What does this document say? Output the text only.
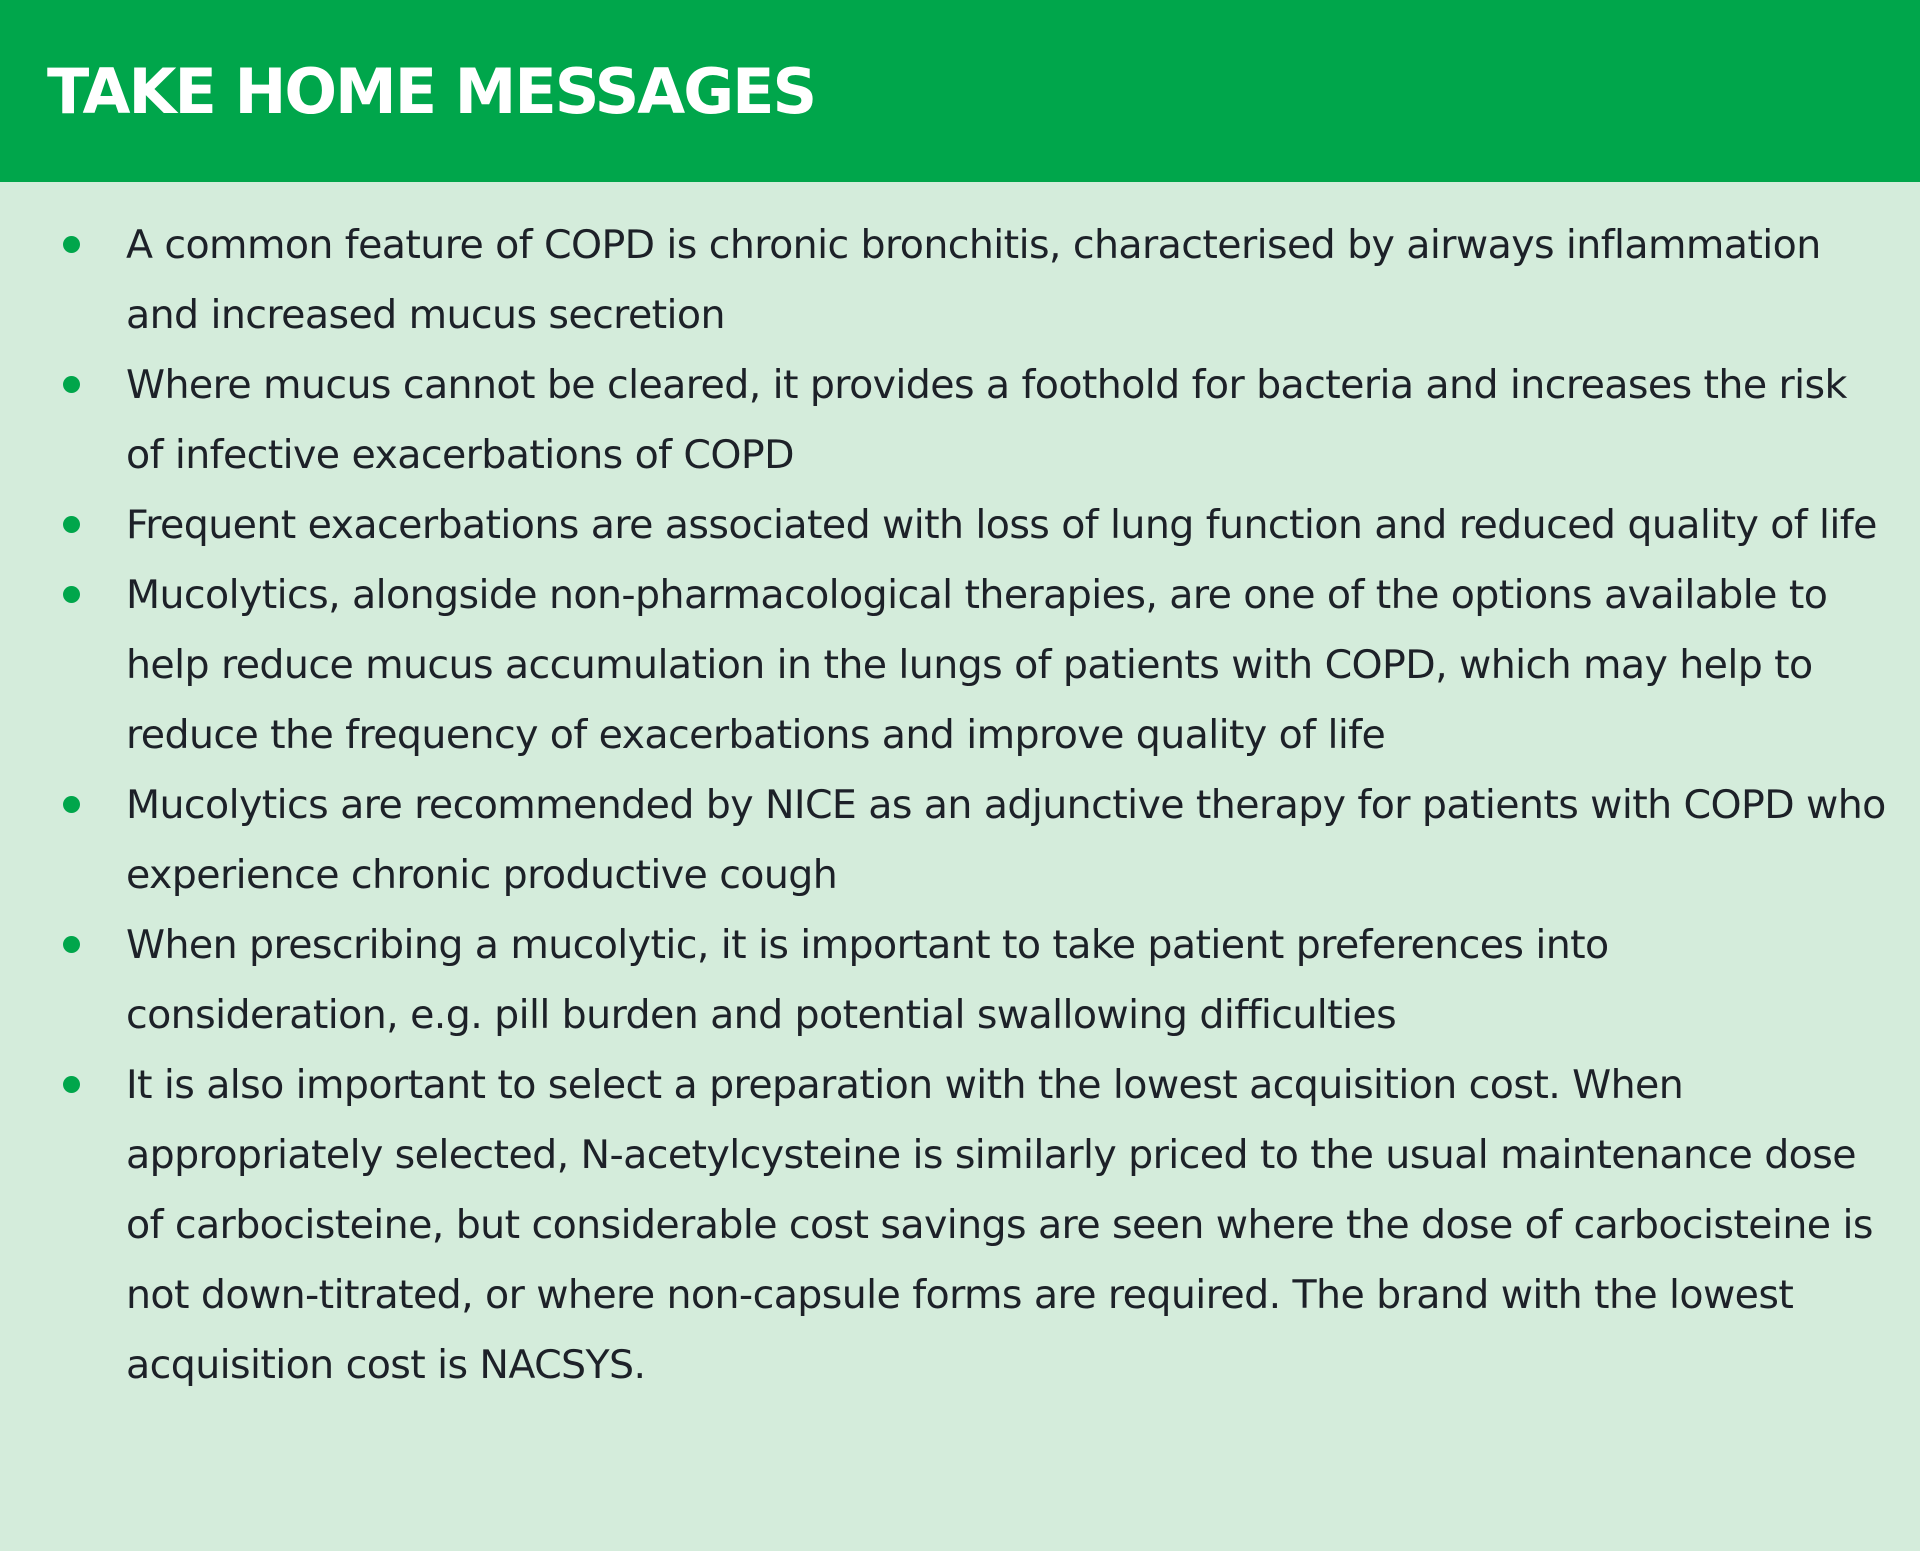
TAKE HOME MESSAGES
A common feature of COPD is chronic bronchitis, characterised by airways inflammation and increased mucus secretion
Where mucus cannot be cleared, it provides a foothold for bacteria and increases the risk of infective exacerbations of COPD
Frequent exacerbations are associated with loss of lung function and reduced quality of life
Mucolytics, alongside non-pharmacological therapies, are one of the options available to help reduce mucus accumulation in the lungs of patients with COPD, which may help to reduce the frequency of exacerbations and improve quality of life
Mucolytics are recommended by NICE as an adjunctive therapy for patients with COPD who experience chronic productive cough
When prescribing a mucolytic, it is important to take patient preferences into consideration, e.g. pill burden and potential swallowing difficulties
It is also important to select a preparation with the lowest acquisition cost. When appropriately selected, N-acetylcysteine is similarly priced to the usual maintenance dose of carbocisteine, but considerable cost savings are seen where the dose of carbocisteine is not down-titrated, or where non-capsule forms are required. The brand with the lowest acquisition cost is NACSYS.
